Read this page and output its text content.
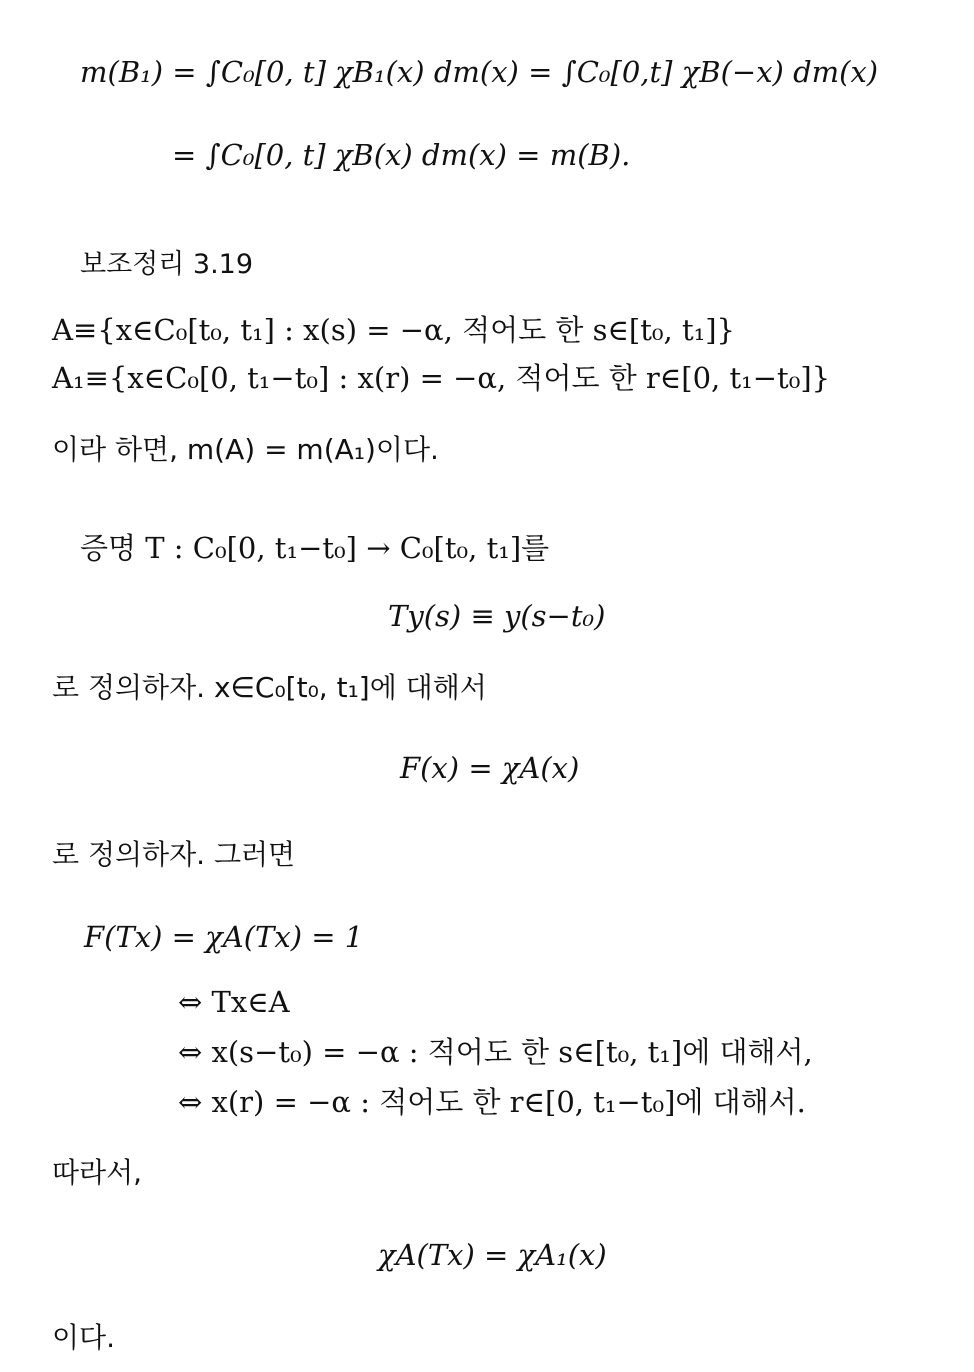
m(B₁) = ∫C₀[0, t] χB₁(x) dm(x) = ∫C₀[0,t] χB(−x) dm(x)
= ∫C₀[0, t] χB(x) dm(x) = m(B).
보조정리 3.19
A≡{x∈C₀[t₀, t₁] : x(s) = −α, 적어도 한 s∈[t₀, t₁]}
A₁≡{x∈C₀[0, t₁−t₀] : x(r) = −α, 적어도 한 r∈[0, t₁−t₀]}
이라 하면, m(A) = m(A₁)이다.
증명 T : C₀[0, t₁−t₀] → C₀[t₀, t₁]를
Ty(s) ≡ y(s−t₀)
로 정의하자. x∈C₀[t₀, t₁]에 대해서
F(x) = χA(x)
로 정의하자. 그러면
F(Tx) = χA(Tx) = 1
⇔ Tx∈A
⇔ x(s−t₀) = −α : 적어도 한 s∈[t₀, t₁]에 대해서,
⇔ x(r) = −α : 적어도 한 r∈[0, t₁−t₀]에 대해서.
따라서,
χA(Tx) = χA₁(x)
이다.
